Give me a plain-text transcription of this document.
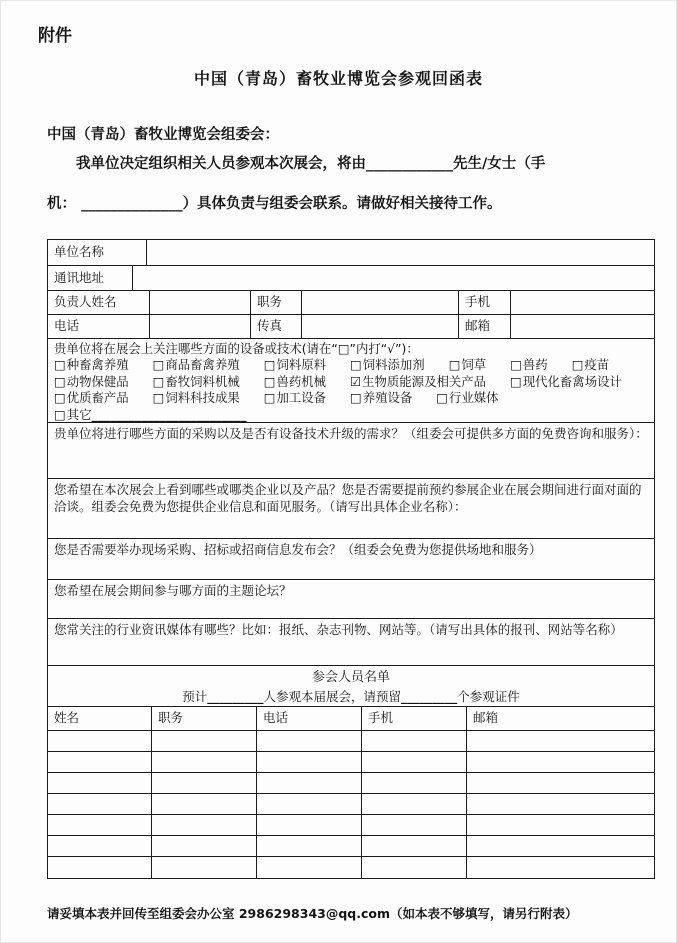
附件
中国（青岛）畜牧业博览会参观回函表
中国（青岛）畜牧业博览会组委会：
我单位决定组织相关人员参观本次展会，将由____________先生/女士（手
机： ______________）具体负责与组委会联系。请做好相关接待工作。
单位名称
通讯地址
负责人姓名	职务	手机
电话	传真	邮箱
贵单位将在展会上关注哪些方面的设备或技术(请在“□”内打“√”)：
□种畜禽养殖 □商品畜禽养殖 □饲料原料 □饲料添加剂 □饲草 □兽药 □疫苗
□动物保健品 □畜牧饲料机械 □兽药机械 ☑生物质能源及相关产品 □现代化畜禽场设计
□优质畜产品 □饲料科技成果 □加工设备 □养殖设备 □行业媒体
□其它_________________________
贵单位将进行哪些方面的采购以及是否有设备技术升级的需求？（组委会可提供多方面的免费咨询和服务）：
您希望在本次展会上看到哪些或哪类企业以及产品？您是否需要提前预约参展企业在展会期间进行面对面的洽谈。组委会免费为您提供企业信息和面见服务。（请写出具体企业名称）：
您是否需要举办现场采购、招标或招商信息发布会？（组委会免费为您提供场地和服务）
您希望在展会期间参与哪方面的主题论坛？
您常关注的行业资讯媒体有哪些？比如：报纸、杂志刊物、网站等。（请写出具体的报刊、网站等名称）
参会人员名单
预计_________人参观本届展会，请预留_________个参观证件
姓名	职务	电话	手机	邮箱
请妥填本表并回传至组委会办公室 2986298343@qq.com（如本表不够填写，请另行附表）
